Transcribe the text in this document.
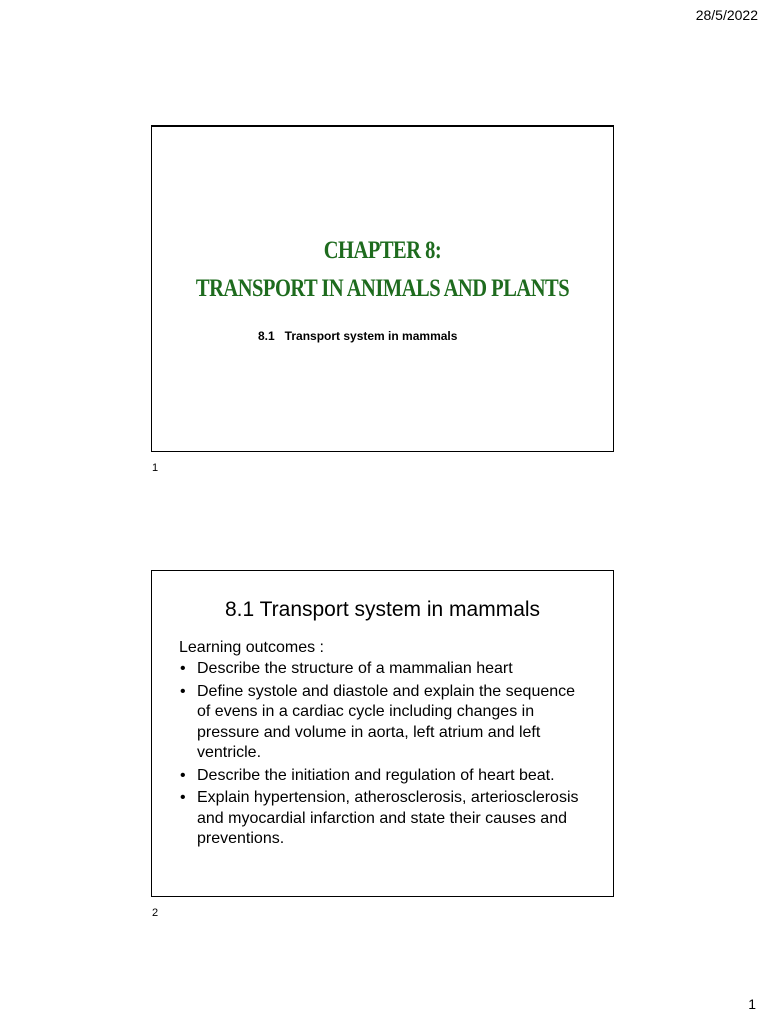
28/5/2022
CHAPTER 8:
TRANSPORT IN ANIMALS AND PLANTS
8.1   Transport system in mammals
1
8.1 Transport system in mammals
Learning outcomes :
• Describe the structure of a mammalian heart
• Define systole and diastole and explain the sequence of evens in a cardiac cycle including changes in pressure and volume in aorta, left atrium and left ventricle.
• Describe the initiation and regulation of heart beat.
• Explain hypertension, atherosclerosis, arteriosclerosis and myocardial infarction and state their causes and preventions.
2
1
